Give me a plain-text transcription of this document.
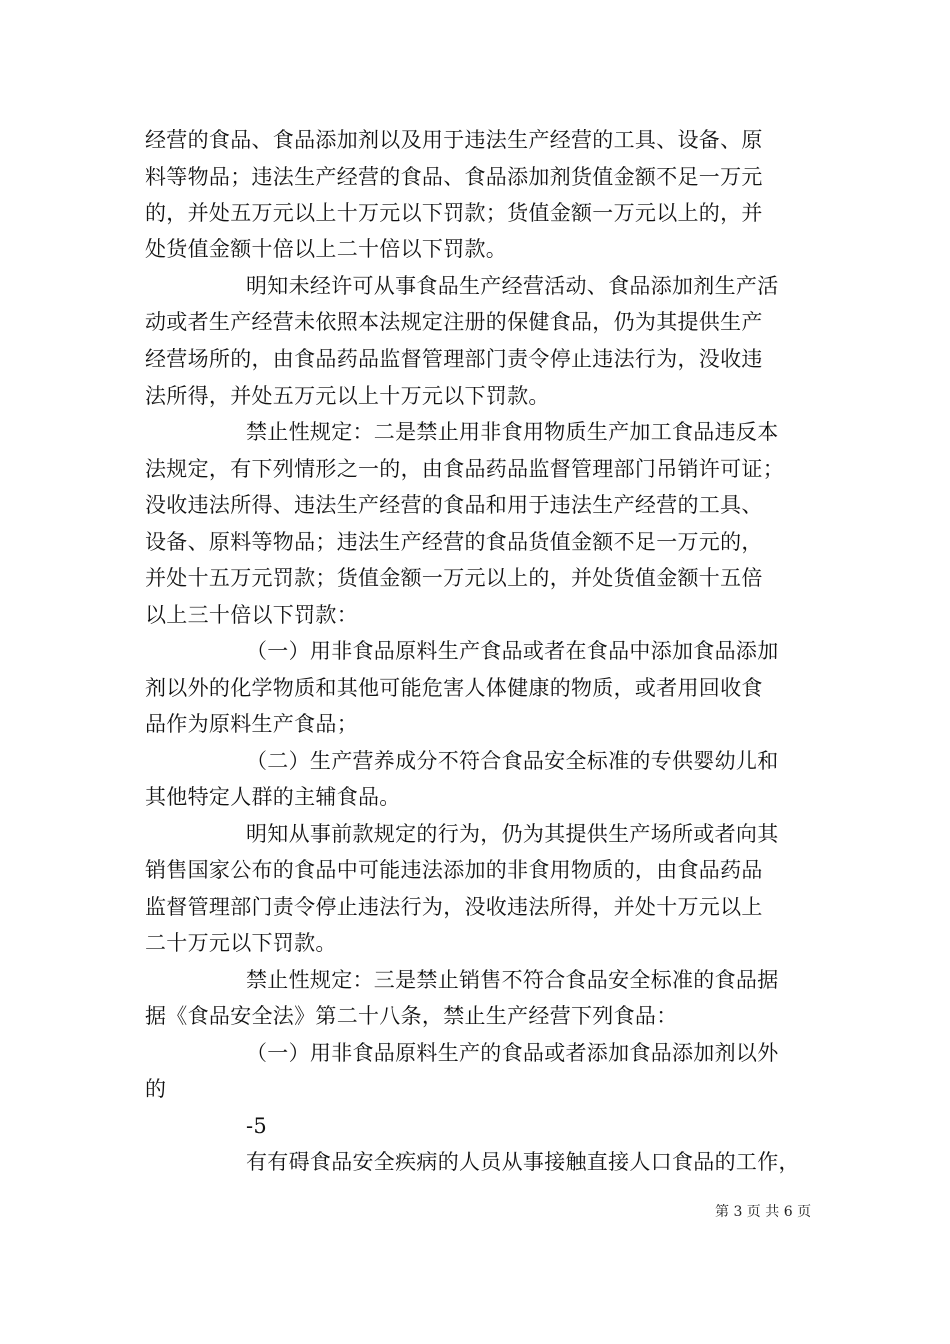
经营的食品、食品添加剂以及用于违法生产经营的工具、设备、原
料等物品；违法生产经营的食品、食品添加剂货值金额不足一万元
的，并处五万元以上十万元以下罚款；货值金额一万元以上的，并
处货值金额十倍以上二十倍以下罚款。
明知未经许可从事食品生产经营活动、食品添加剂生产活
动或者生产经营未依照本法规定注册的保健食品，仍为其提供生产
经营场所的，由食品药品监督管理部门责令停止违法行为，没收违
法所得，并处五万元以上十万元以下罚款。
禁止性规定：二是禁止用非食用物质生产加工食品违反本
法规定，有下列情形之一的，由食品药品监督管理部门吊销许可证；
没收违法所得、违法生产经营的食品和用于违法生产经营的工具、
设备、原料等物品；违法生产经营的食品货值金额不足一万元的，
并处十五万元罚款；货值金额一万元以上的，并处货值金额十五倍
以上三十倍以下罚款：
（一）用非食品原料生产食品或者在食品中添加食品添加
剂以外的化学物质和其他可能危害人体健康的物质，或者用回收食
品作为原料生产食品；
（二）生产营养成分不符合食品安全标准的专供婴幼儿和
其他特定人群的主辅食品。
明知从事前款规定的行为，仍为其提供生产场所或者向其
销售国家公布的食品中可能违法添加的非食用物质的，由食品药品
监督管理部门责令停止违法行为，没收违法所得，并处十万元以上
二十万元以下罚款。
禁止性规定：三是禁止销售不符合食品安全标准的食品据
据《食品安全法》第二十八条，禁止生产经营下列食品：
（一）用非食品原料生产的食品或者添加食品添加剂以外
的
-5
有有碍食品安全疾病的人员从事接触直接人口食品的工作，
第 3 页 共 6 页
